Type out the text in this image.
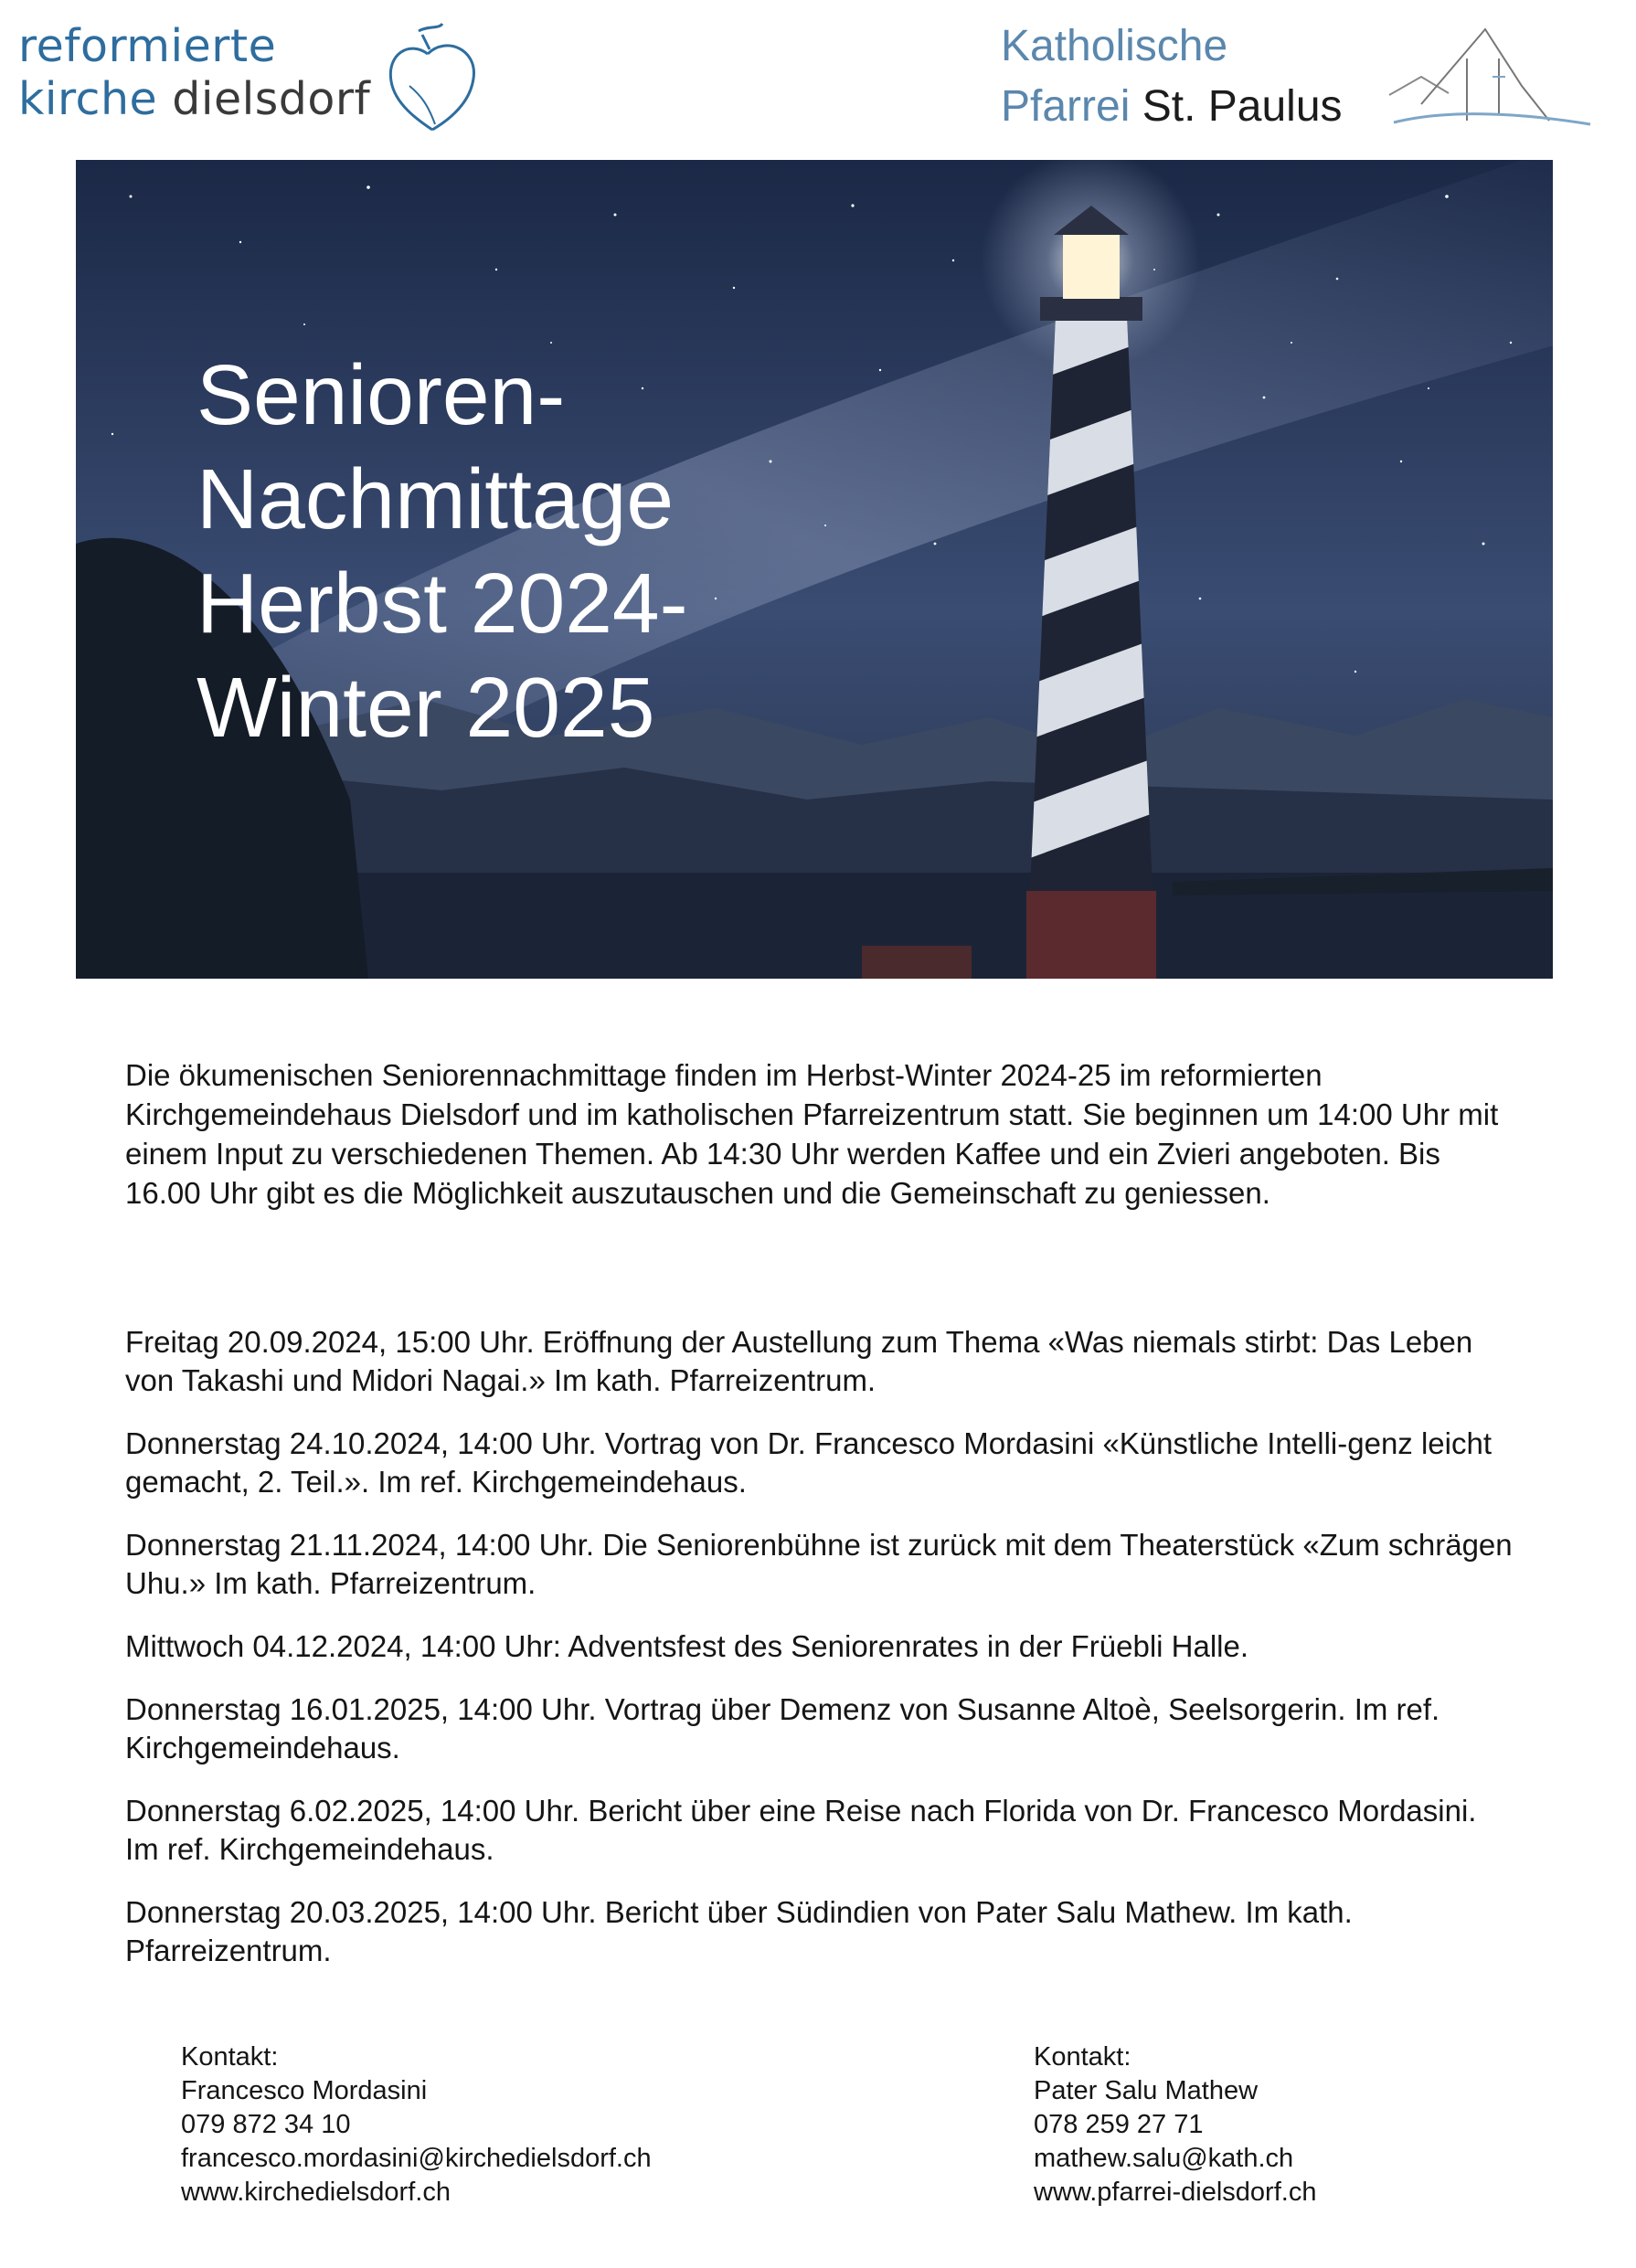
reformierte
kirche dielsdorf
Katholische
Pfarrei St. Paulus
Senioren-
Nachmittage
Herbst 2024-
Winter 2025
Die ökumenischen Seniorennachmittage finden im Herbst-Winter 2024-25 im reformierten Kirchgemeindehaus Dielsdorf und im katholischen Pfarreizentrum statt. Sie beginnen um 14:00 Uhr mit einem Input zu verschiedenen Themen. Ab 14:30 Uhr werden Kaffee und ein Zvieri angeboten. Bis 16.00 Uhr gibt es die Möglichkeit auszutauschen und die Gemeinschaft zu geniessen.
Freitag 20.09.2024, 15:00 Uhr. Eröffnung der Austellung zum Thema «Was niemals stirbt: Das Leben von Takashi und Midori Nagai.» Im kath. Pfarreizentrum.
Donnerstag 24.10.2024, 14:00 Uhr. Vortrag von Dr. Francesco Mordasini «Künstliche Intelli-genz leicht gemacht, 2. Teil.». Im ref. Kirchgemeindehaus.
Donnerstag 21.11.2024, 14:00 Uhr. Die Seniorenbühne ist zurück mit dem Theaterstück «Zum schrägen Uhu.» Im kath. Pfarreizentrum.
Mittwoch 04.12.2024, 14:00 Uhr: Adventsfest des Seniorenrates in der Früebli Halle.
Donnerstag 16.01.2025, 14:00 Uhr. Vortrag über Demenz von Susanne Altoè, Seelsorgerin. Im ref. Kirchgemeindehaus.
Donnerstag 6.02.2025, 14:00 Uhr. Bericht über eine Reise nach Florida von Dr. Francesco Mordasini. Im ref. Kirchgemeindehaus.
Donnerstag 20.03.2025, 14:00 Uhr. Bericht über Südindien von Pater Salu Mathew. Im kath. Pfarreizentrum.
Kontakt:
Francesco Mordasini
079 872 34 10
francesco.mordasini@kirchedielsdorf.ch
www.kirchedielsdorf.ch
Kontakt:
Pater Salu Mathew
078 259 27 71
mathew.salu@kath.ch
www.pfarrei-dielsdorf.ch
